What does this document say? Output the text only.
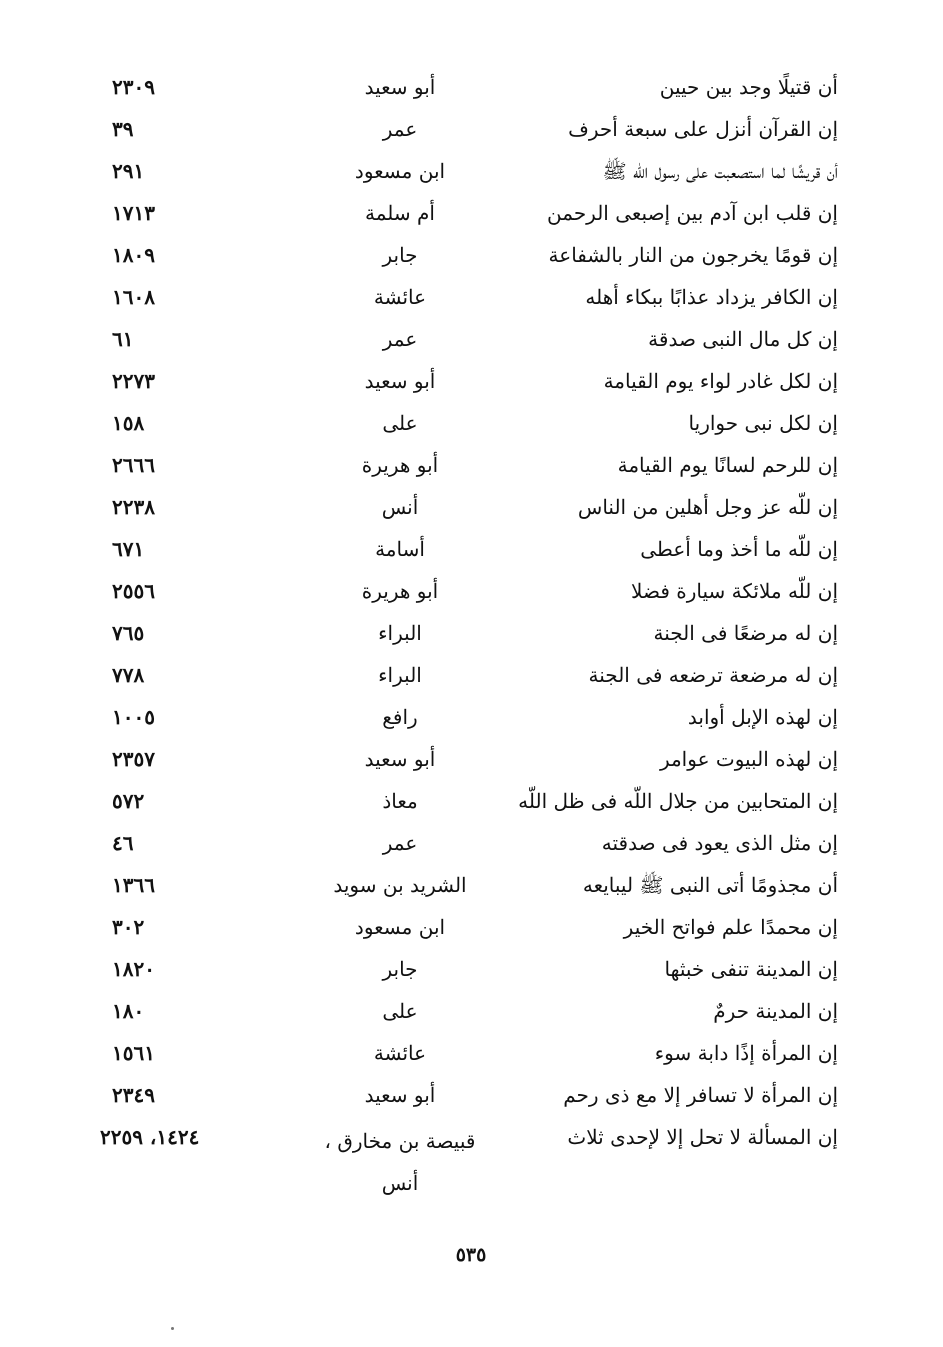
أن قتيلًا وجد بين حيين
أبو سعيد
٢٣٠٩
إن القرآن أنزل على سبعة أحرف
عمر
٣٩
أن قريشًا لما استصعبت على رسول اللّه ﷺ
ابن مسعود
٢٩١
إن قلب ابن آدم بين إصبعى الرحمن
أم سلمة
١٧١٣
إن قومًا يخرجون من النار بالشفاعة
جابر
١٨٠٩
إن الكافر يزداد عذابًا ببكاء أهله
عائشة
١٦٠٨
إن كل مال النبى صدقة
عمر
٦١
إن لكل غادر لواء يوم القيامة
أبو سعيد
٢٢٧٣
إن لكل نبى حواريا
على
١٥٨
إن للرحم لسانًا يوم القيامة
أبو هريرة
٢٦٦٦
إن للّه عز وجل أهلين من الناس
أنس
٢٢٣٨
إن للّه ما أخذ وما أعطى
أسامة
٦٧١
إن للّه ملائكة سيارة فضلا
أبو هريرة
٢٥٥٦
إن له مرضعًا فى الجنة
البراء
٧٦٥
إن له مرضعة ترضعه فى الجنة
البراء
٧٧٨
إن لهذه الإبل أوابد
رافع
١٠٠٥
إن لهذه البيوت عوامر
أبو سعيد
٢٣٥٧
إن المتحابين من جلال اللّه فى ظل اللّه
معاذ
٥٧٢
إن مثل الذى يعود فى صدقته
عمر
٤٦
أن مجذومًا أتى النبى ﷺ ليبايعه
الشريد بن سويد
١٣٦٦
إن محمدًا علم فواتح الخير
ابن مسعود
٣٠٢
إن المدينة تنفى خبثها
جابر
١٨٢٠
إن المدينة حرمٌ
على
١٨٠
إن المرأة إذًا دابة سوء
عائشة
١٥٦١
إن المرأة لا تسافر إلا مع ذى رحم
أبو سعيد
٢٣٤٩
إن المسألة لا تحل إلا لإحدى ثلاث
قبيصة بن مخارق ،
أنس
١٤٢٤، ٢٢٥٩
٥٣٥
